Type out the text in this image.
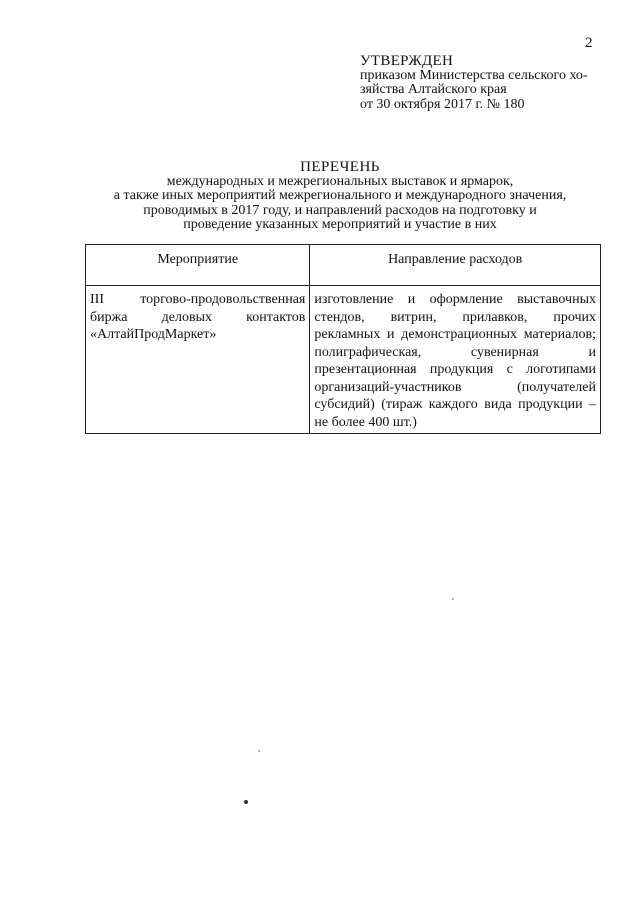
2
УТВЕРЖДЕН
приказом Министерства сельского хо-
зяйства Алтайского края
от 30 октября 2017 г. № 180
ПЕРЕЧЕНЬ
международных и межрегиональных выставок и ярмарок,
а также иных мероприятий межрегионального и международного значения,
проводимых в 2017 году, и направлений расходов на подготовку и
проведение указанных мероприятий и участие в них
Мероприятие	Направление расходов
III торгово-продовольственная биржа деловых контактов «АлтайПродМаркет»	изготовление и оформление выставочных стендов, витрин, прилавков, прочих рекламных и демонстрационных материалов; полиграфическая, сувенирная и презентационная продукция с логотипами организаций-участников (получателей субсидий) (тираж каждого вида продукции – не более 400 шт.)
